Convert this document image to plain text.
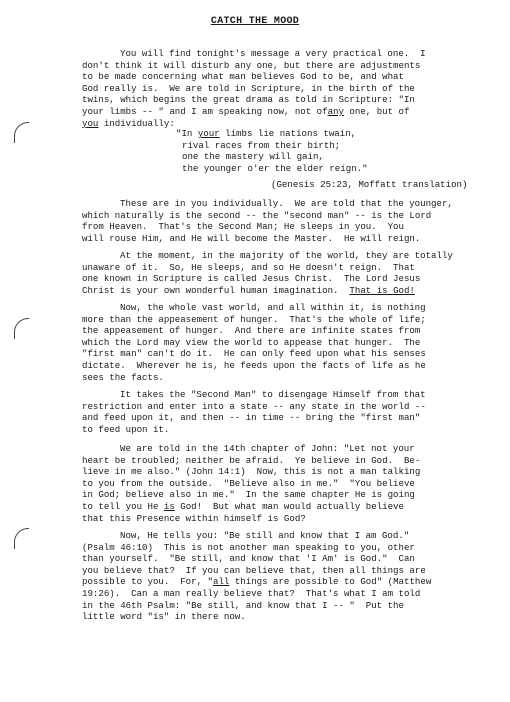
CATCH THE MOOD
You will find tonight's message a very practical one.  I
don't think it will disturb any one, but there are adjustments
to be made concerning what man believes God to be, and what
God really is.  We are told in Scripture, in the birth of the
twins, which begins the great drama as told in Scripture: "In
your limbs -- " and I am speaking now, not ofany one, but of
you individually:
"In your limbs lie nations twain,
rival races from their birth;
one the mastery will gain,
the younger o'er the elder reign."
(Genesis 25:23, Moffatt translation)
These are in you individually.  We are told that the younger,
which naturally is the second -- the "second man" -- is the Lord
from Heaven.  That's the Second Man; He sleeps in you.  You
will rouse Him, and He will become the Master.  He will reign.
At the moment, in the majority of the world, they are totally
unaware of it.  So, He sleeps, and so He doesn't reign.  That
one known in Scripture is called Jesus Christ.  The Lord Jesus
Christ is your own wonderful human imagination.  That is God!
Now, the whole vast world, and all within it, is nothing
more than the appeasement of hunger.  That's the whole of life;
the appeasement of hunger.  And there are infinite states from
which the Lord may view the world to appease that hunger.  The
"first man" can't do it.  He can only feed upon what his senses
dictate.  Wherever he is, he feeds upon the facts of life as he
sees the facts.
It takes the "Second Man" to disengage Himself from that
restriction and enter into a state -- any state in the world --
and feed upon it, and then -- in time -- bring the "first man"
to feed upon it.
We are told in the 14th chapter of John: "Let not your
heart be troubled; neither be afraid.  Ye believe in God.  Be-
lieve in me also." (John 14:1)  Now, this is not a man talking
to you from the outside.  "Believe also in me."  "You believe
in God; believe also in me."  In the same chapter He is going
to tell you He is God!  But what man would actually believe
that this Presence within himself is God?
Now, He tells you: "Be still and know that I am God."
(Psalm 46:10)  This is not another man speaking to you, other
than yourself.  "Be still, and know that 'I Am' is God."  Can
you believe that?  If you can believe that, then all things are
possible to you.  For, "all things are possible to God" (Matthew
19:26).  Can a man really believe that?  That's what I am told
in the 46th Psalm: "Be still, and know that I -- "  Put the
little word "is" in there now.
